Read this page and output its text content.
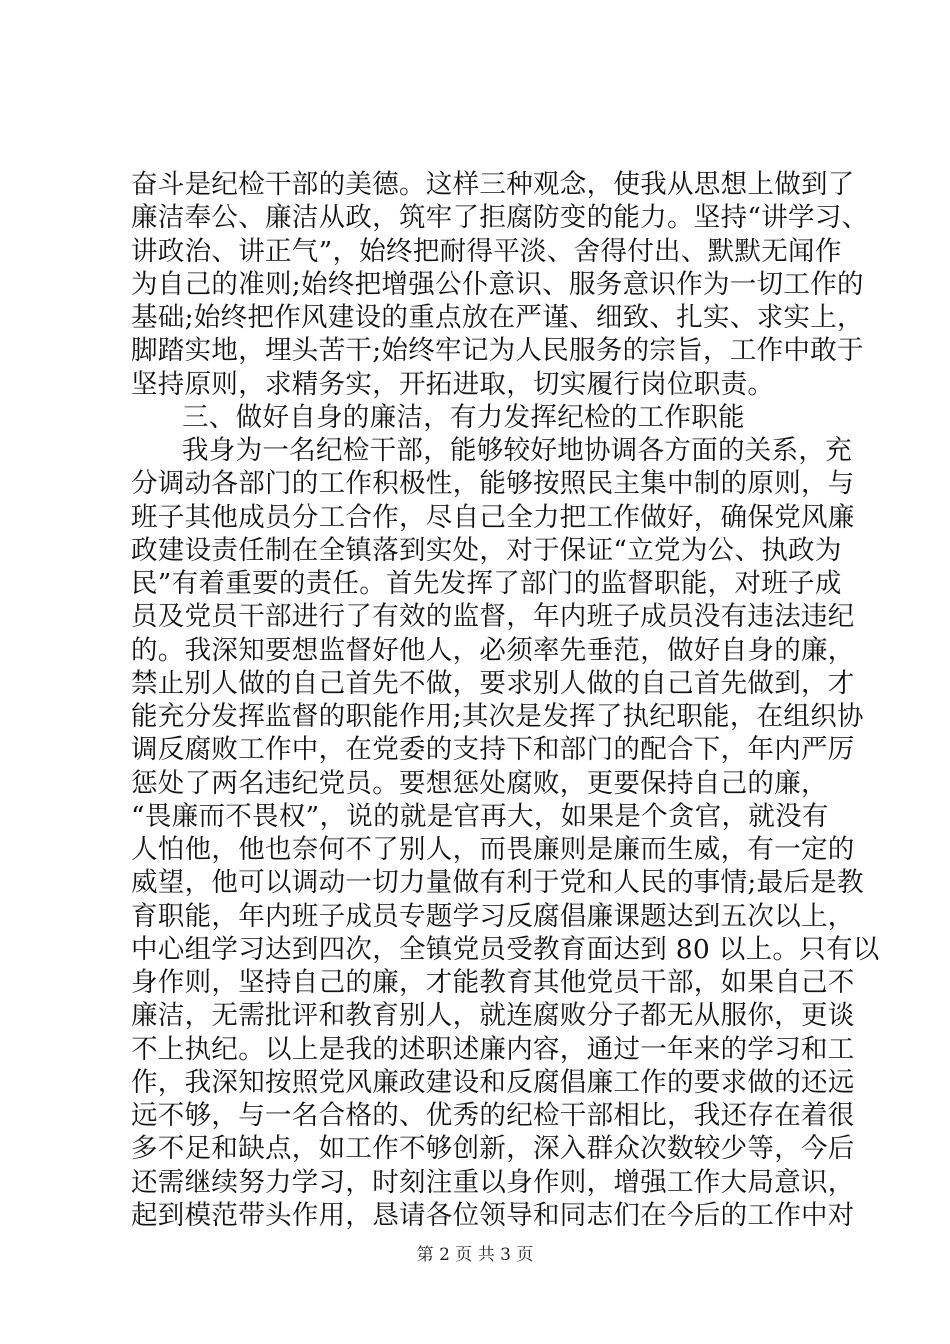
奋斗是纪检干部的美德。这样三种观念，使我从思想上做到了
廉洁奉公、廉洁从政，筑牢了拒腐防变的能力。坚持“讲学习、
讲政治、讲正气”，始终把耐得平淡、舍得付出、默默无闻作
为自己的准则;始终把增强公仆意识、服务意识作为一切工作的
基础;始终把作风建设的重点放在严谨、细致、扎实、求实上，
脚踏实地，埋头苦干;始终牢记为人民服务的宗旨，工作中敢于
坚持原则，求精务实，开拓进取，切实履行岗位职责。
三、做好自身的廉洁，有力发挥纪检的工作职能
我身为一名纪检干部，能够较好地协调各方面的关系，充
分调动各部门的工作积极性，能够按照民主集中制的原则，与
班子其他成员分工合作，尽自己全力把工作做好，确保党风廉
政建设责任制在全镇落到实处，对于保证“立党为公、执政为
民”有着重要的责任。首先发挥了部门的监督职能，对班子成
员及党员干部进行了有效的监督，年内班子成员没有违法违纪
的。我深知要想监督好他人，必须率先垂范，做好自身的廉，
禁止别人做的自己首先不做，要求别人做的自己首先做到，才
能充分发挥监督的职能作用;其次是发挥了执纪职能，在组织协
调反腐败工作中，在党委的支持下和部门的配合下，年内严厉
惩处了两名违纪党员。要想惩处腐败，更要保持自己的廉，
“畏廉而不畏权”，说的就是官再大，如果是个贪官，就没有
人怕他，他也奈何不了别人，而畏廉则是廉而生威，有一定的
威望，他可以调动一切力量做有利于党和人民的事情;最后是教
育职能，年内班子成员专题学习反腐倡廉课题达到五次以上，
中心组学习达到四次，全镇党员受教育面达到 80 以上。只有以
身作则，坚持自己的廉，才能教育其他党员干部，如果自己不
廉洁，无需批评和教育别人，就连腐败分子都无从服你，更谈
不上执纪。以上是我的述职述廉内容，通过一年来的学习和工
作，我深知按照党风廉政建设和反腐倡廉工作的要求做的还远
远不够，与一名合格的、优秀的纪检干部相比，我还存在着很
多不足和缺点，如工作不够创新，深入群众次数较少等，今后
还需继续努力学习，时刻注重以身作则，增强工作大局意识，
起到模范带头作用，恳请各位领导和同志们在今后的工作中对
第 2 页 共 3 页
